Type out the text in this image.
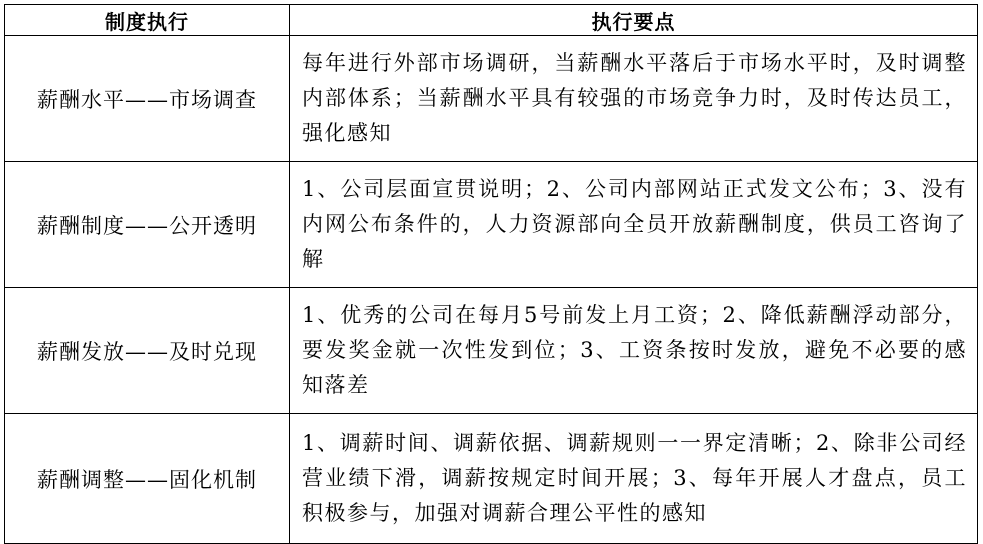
制度执行	执行要点
薪酬水平——市场调查	每年进行外部市场调研，当薪酬水平落后于市场水平时，及时调整内部体系；当薪酬水平具有较强的市场竞争力时，及时传达员工，强化感知
薪酬制度——公开透明	1、公司层面宣贯说明；2、公司内部网站正式发文公布；3、没有内网公布条件的，人力资源部向全员开放薪酬制度，供员工咨询了解
薪酬发放——及时兑现	1、优秀的公司在每月5号前发上月工资；2、降低薪酬浮动部分，要发奖金就一次性发到位；3、工资条按时发放，避免不必要的感知落差
薪酬调整——固化机制	1、调薪时间、调薪依据、调薪规则一一界定清晰；2、除非公司经营业绩下滑，调薪按规定时间开展；3、每年开展人才盘点，员工积极参与，加强对调薪合理公平性的感知
